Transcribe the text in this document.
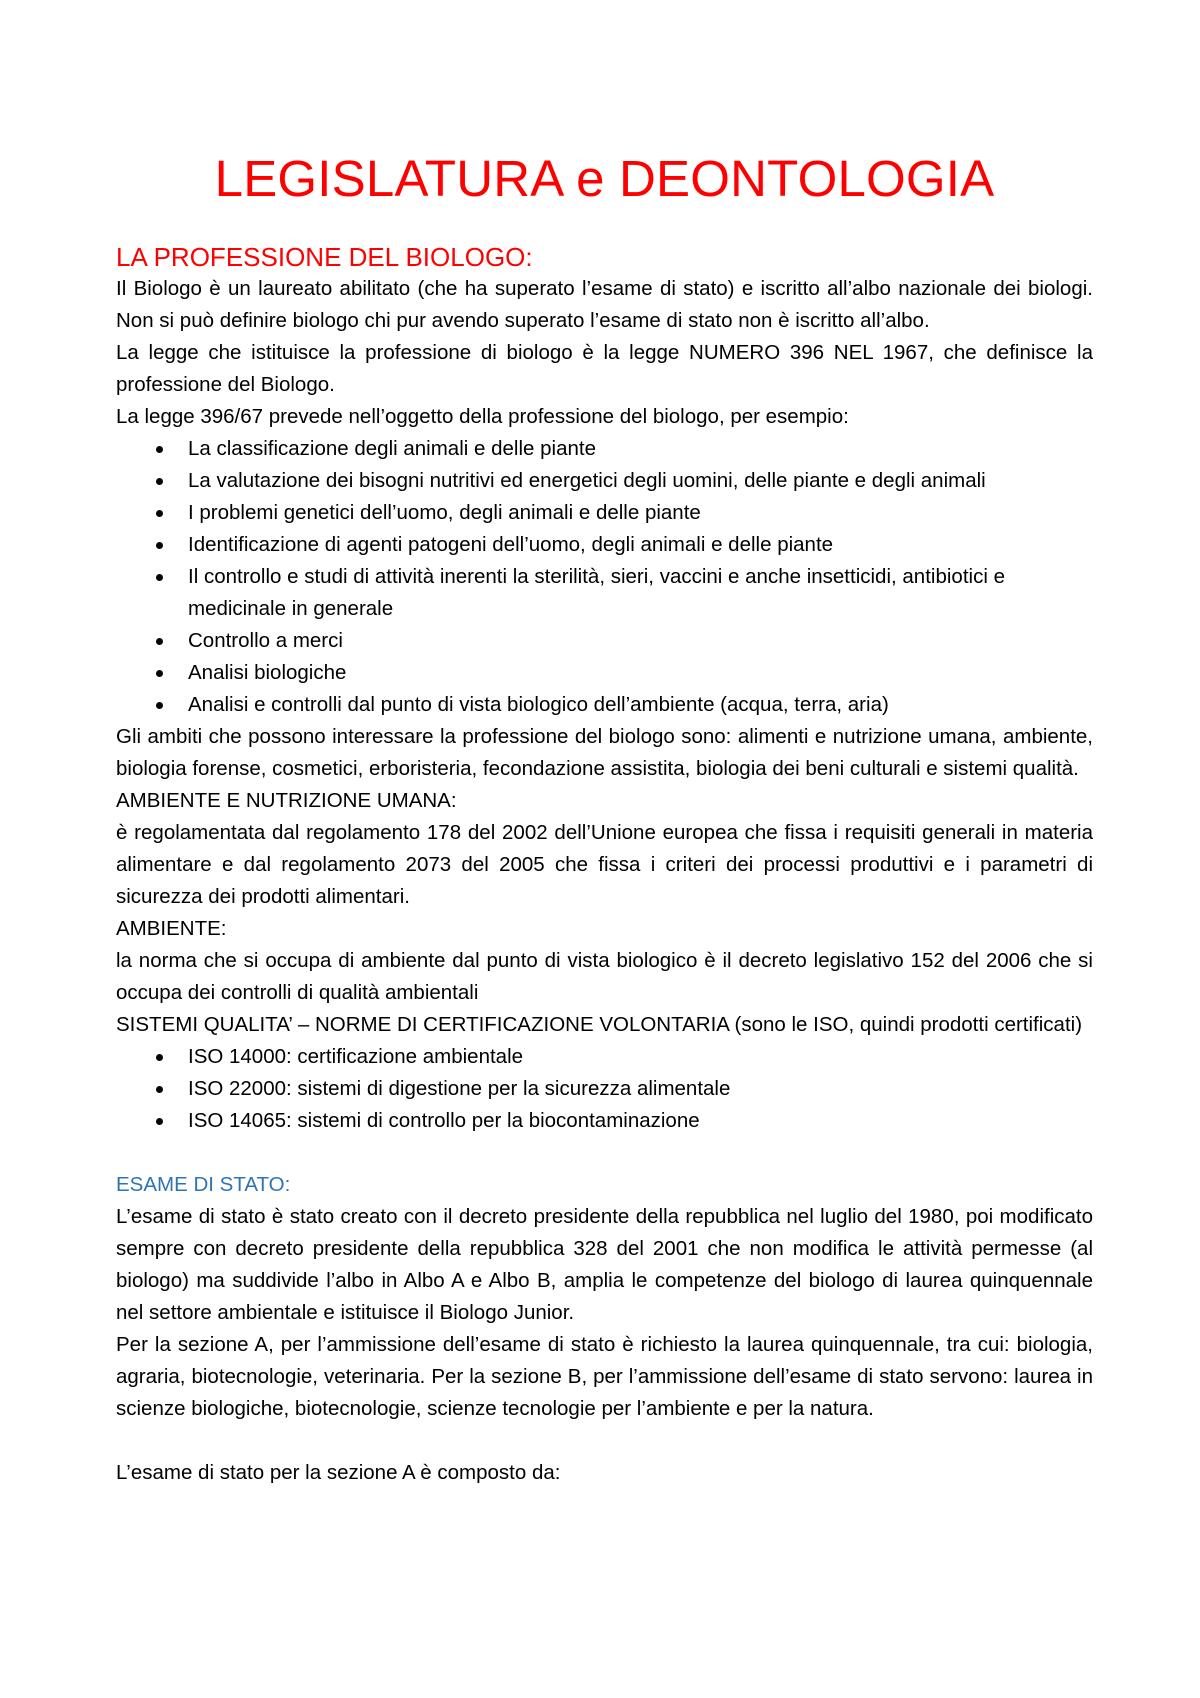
LEGISLATURA e DEONTOLOGIA
LA PROFESSIONE DEL BIOLOGO:

Il Biologo è un laureato abilitato (che ha superato l’esame di stato) e iscritto all’albo nazionale dei biologi. Non si può definire biologo chi pur avendo superato l’esame di stato non è iscritto all’albo.

La legge che istituisce la professione di biologo è la legge NUMERO 396 NEL 1967, che definisce la professione del Biologo.

La legge 396/67 prevede nell’oggetto della professione del biologo, per esempio:

La classificazione degli animali e delle piante
La valutazione dei bisogni nutritivi ed energetici degli uomini, delle piante e degli animali
I problemi genetici dell’uomo, degli animali e delle piante
Identificazione di agenti patogeni dell’uomo, degli animali e delle piante
Il controllo e studi di attività inerenti la sterilità, sieri, vaccini e anche insetticidi, antibiotici e medicinale in generale
Controllo a merci
Analisi biologiche
Analisi e controlli dal punto di vista biologico dell’ambiente (acqua, terra, aria)

Gli ambiti che possono interessare la professione del biologo sono: alimenti e nutrizione umana, ambiente, biologia forense, cosmetici, erboristeria, fecondazione assistita, biologia dei beni culturali e sistemi qualità.

AMBIENTE E NUTRIZIONE UMANA:

è regolamentata dal regolamento 178 del 2002 dell’Unione europea che fissa i requisiti generali in materia alimentare e dal regolamento 2073 del 2005 che fissa i criteri dei processi produttivi e i parametri di sicurezza dei prodotti alimentari.

AMBIENTE:

la norma che si occupa di ambiente dal punto di vista biologico è il decreto legislativo 152 del 2006 che si occupa dei controlli di qualità ambientali

SISTEMI QUALITA’ – NORME DI CERTIFICAZIONE VOLONTARIA (sono le ISO, quindi prodotti certificati)

ISO 14000: certificazione ambientale
ISO 22000: sistemi di digestione per la sicurezza alimentale
ISO 14065: sistemi di controllo per la biocontaminazione
ESAME DI STATO:

L’esame di stato è stato creato con il decreto presidente della repubblica nel luglio del 1980, poi modificato sempre con decreto presidente della repubblica 328 del 2001 che non modifica le attività permesse (al biologo) ma suddivide l’albo in Albo A e Albo B, amplia le competenze del biologo di laurea quinquennale nel settore ambientale e istituisce il Biologo Junior.

Per la sezione A, per l’ammissione dell’esame di stato è richiesto la laurea quinquennale, tra cui: biologia, agraria, biotecnologie, veterinaria. Per la sezione B, per l’ammissione dell’esame di stato servono: laurea in scienze biologiche, biotecnologie, scienze tecnologie per l’ambiente e per la natura.

L’esame di stato per la sezione A è composto da:
